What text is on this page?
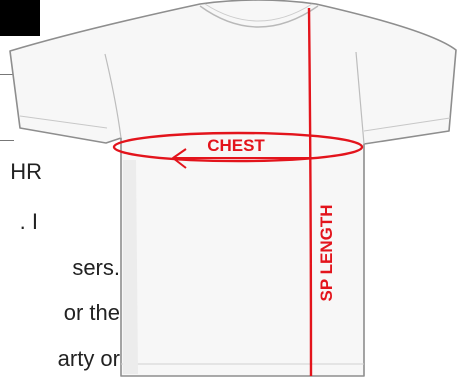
HR
. I
sers.
or the
arty or
CHEST
SP LENGTH
